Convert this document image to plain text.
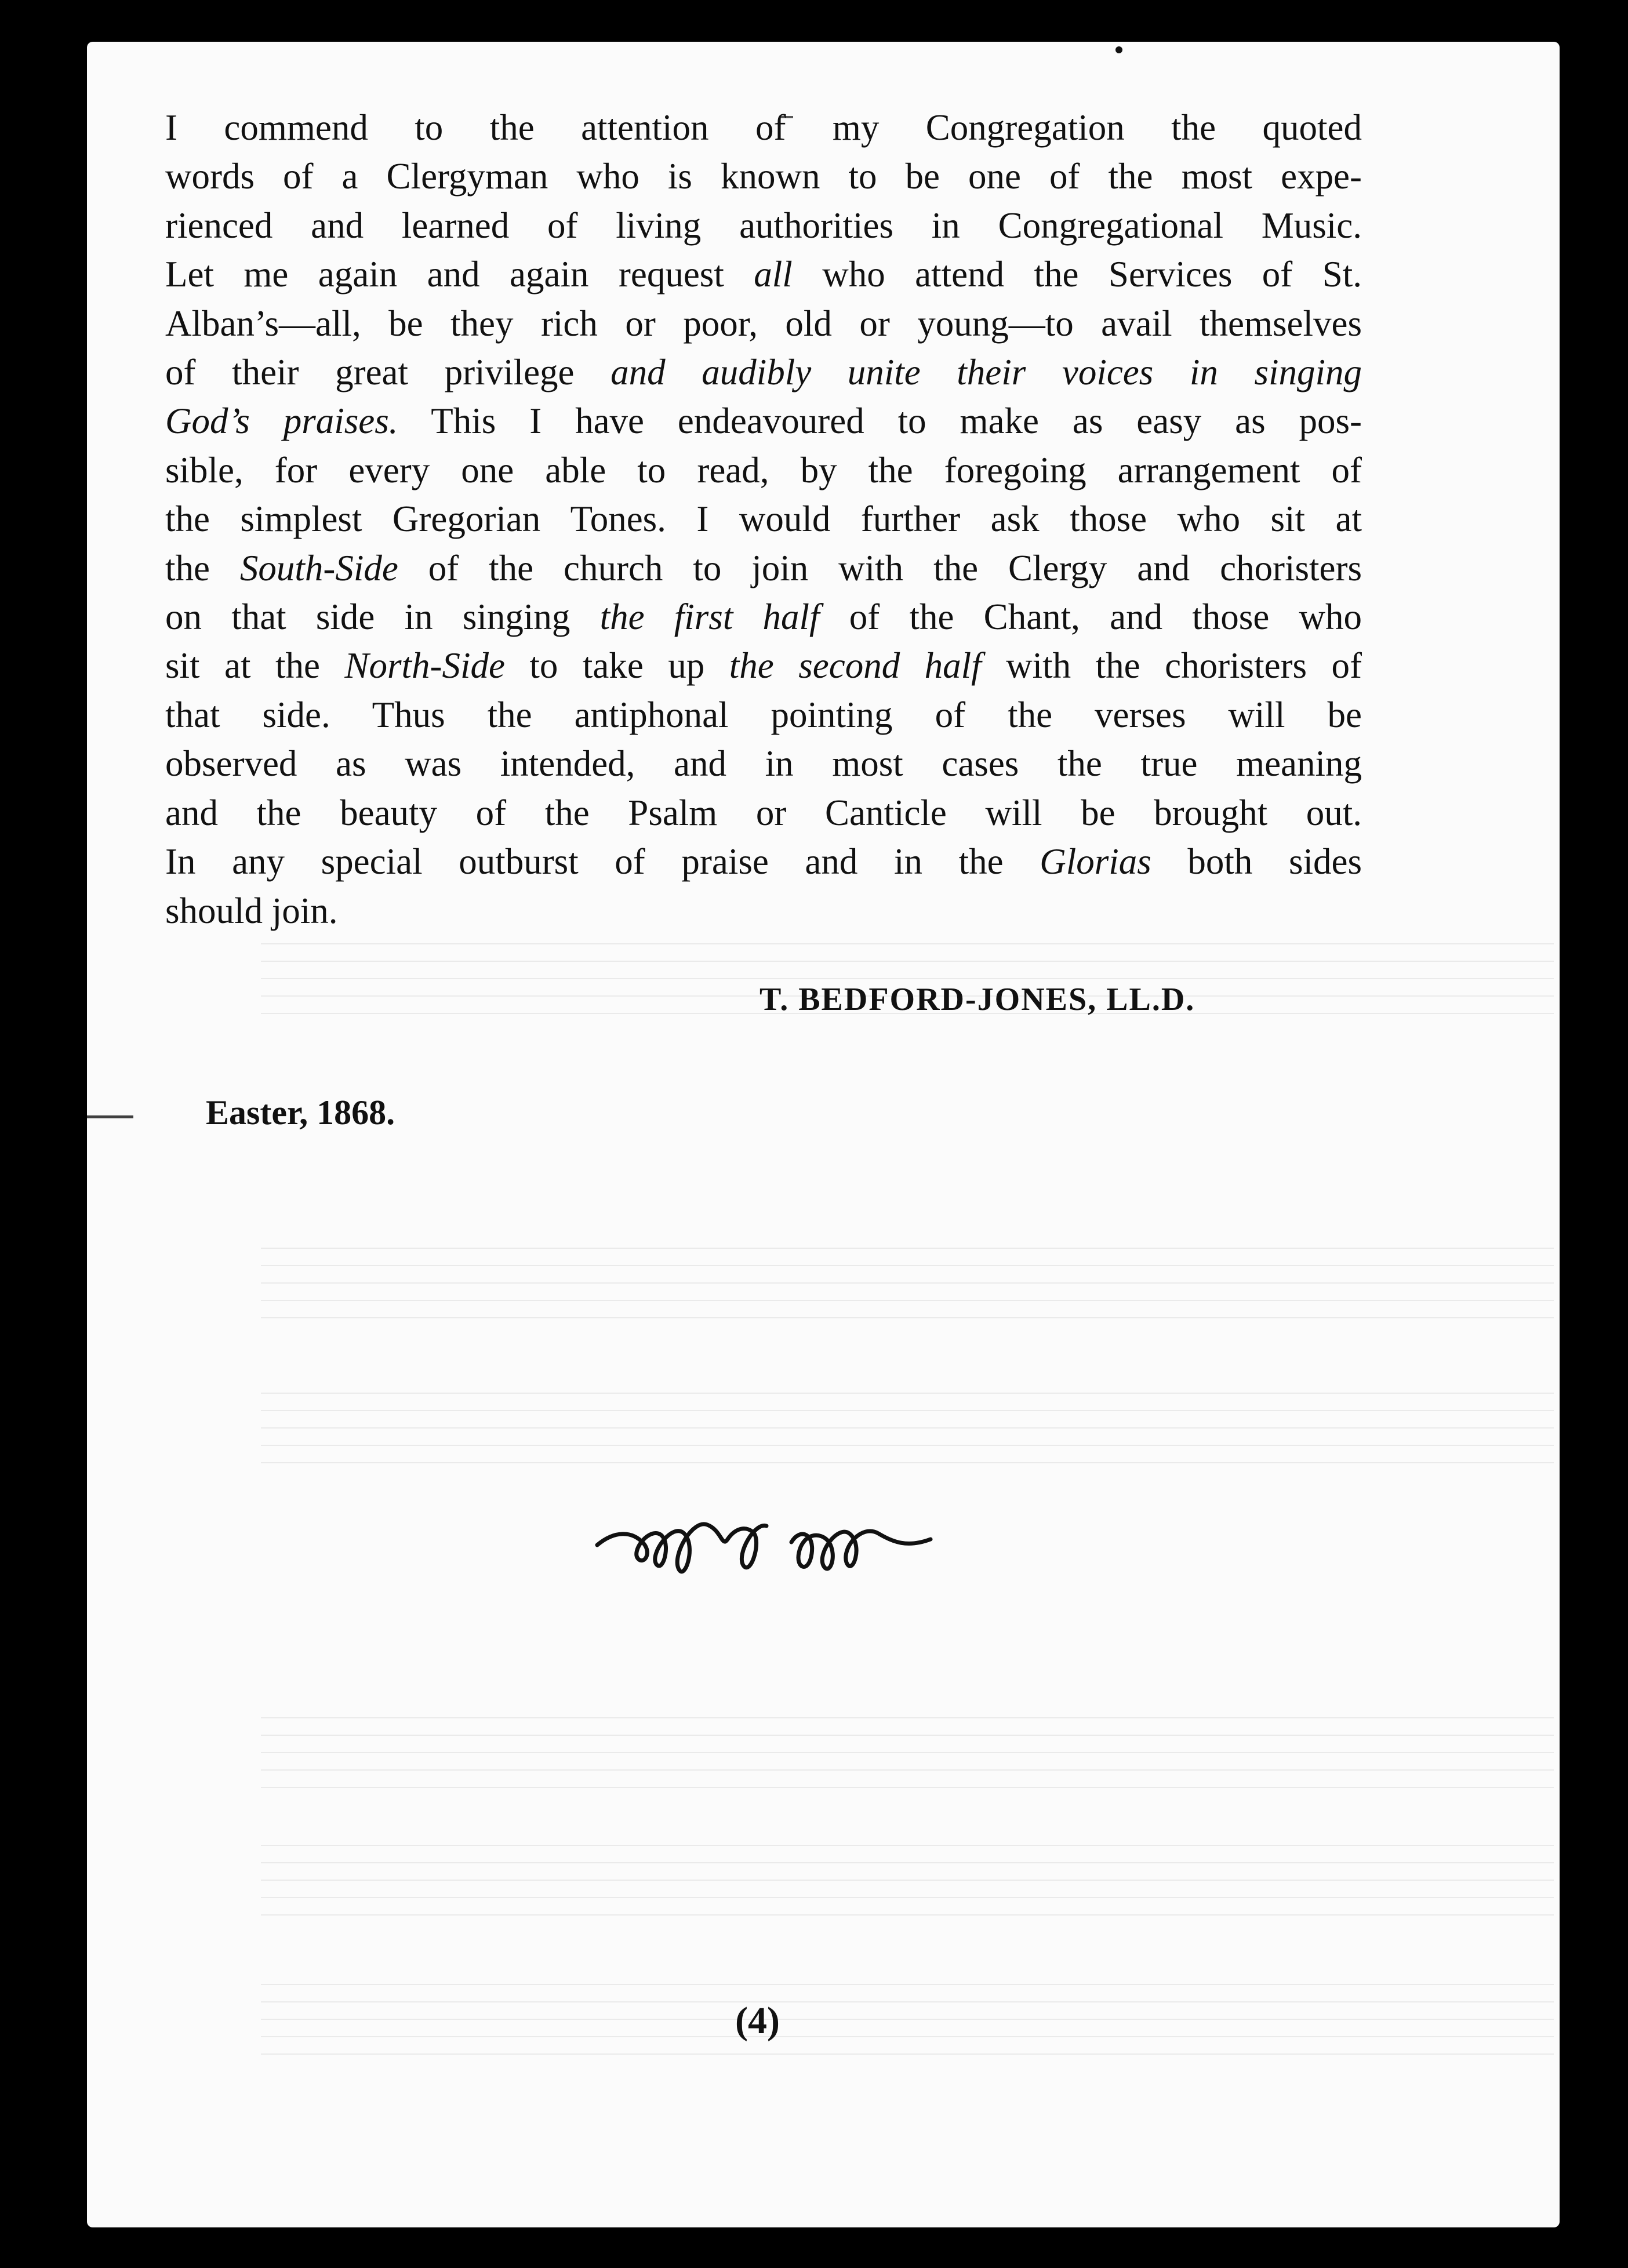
I commend to the attention of my Congregation the quoted
words of a Clergyman who is known to be one of the most expe-
rienced and learned of living authorities in Congregational Music.
Let me again and again request all who attend the Services of St.
Alban’s—all, be they rich or poor, old or young—to avail themselves
of their great privilege and audibly unite their voices in singing
God’s praises. This I have endeavoured to make as easy as pos-
sible, for every one able to read, by the foregoing arrangement of
the simplest Gregorian Tones. I would further ask those who sit at
the South-Side of the church to join with the Clergy and choristers
on that side in singing the first half of the Chant, and those who
sit at the North-Side to take up the second half with the choristers of
that side. Thus the antiphonal pointing of the verses will be
observed as was intended, and in most cases the true meaning
and the beauty of the Psalm or Canticle will be brought out.
In any special outburst of praise and in the Glorias both sides
should join.

T. BEDFORD-JONES, LL.D.
Easter, 1868.
(4)
